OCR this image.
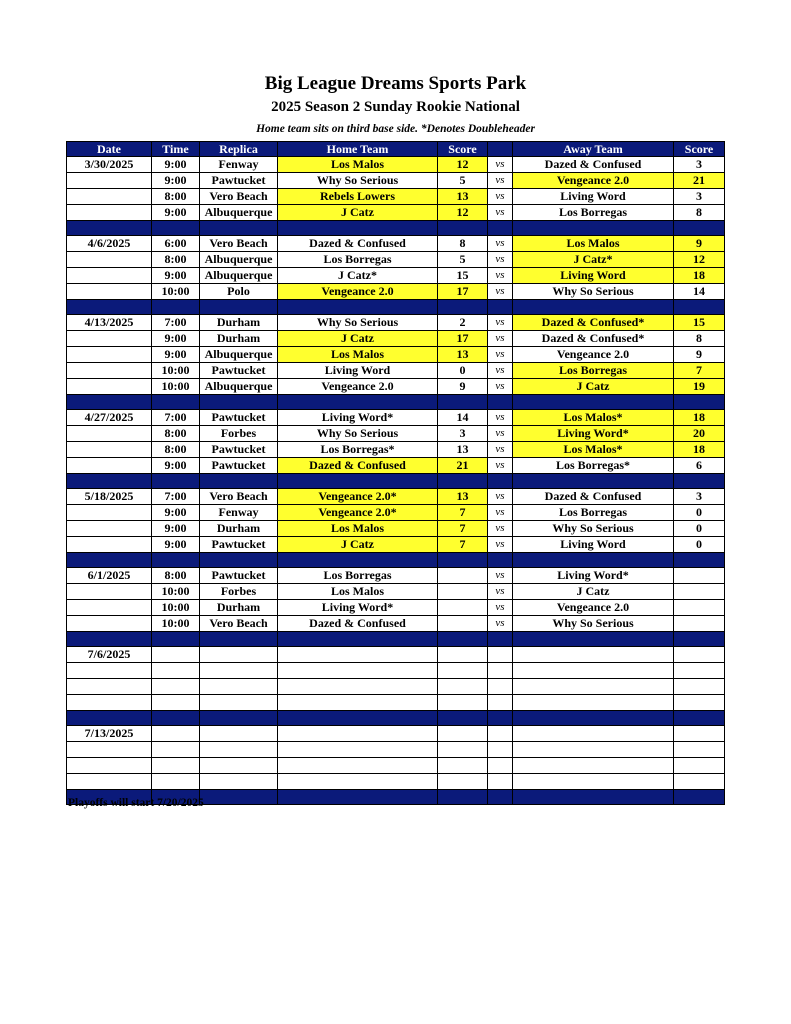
Big League Dreams Sports Park
2025 Season 2 Sunday Rookie National
Home team sits on third base side. *Denotes Doubleheader
Date	Time	Replica	Home Team	Score		Away Team	Score
3/30/2025	9:00	Fenway	Los Malos	12	vs	Dazed & Confused	3
	9:00	Pawtucket	Why So Serious	5	vs	Vengeance 2.0	21
	8:00	Vero Beach	Rebels Lowers	13	vs	Living Word	3
	9:00	Albuquerque	J Catz	12	vs	Los Borregas	8

4/6/2025	6:00	Vero Beach	Dazed & Confused	8	vs	Los Malos	9
	8:00	Albuquerque	Los Borregas	5	vs	J Catz*	12
	9:00	Albuquerque	J Catz*	15	vs	Living Word	18
	10:00	Polo	Vengeance 2.0	17	vs	Why So Serious	14

4/13/2025	7:00	Durham	Why So Serious	2	vs	Dazed & Confused*	15
	9:00	Durham	J Catz	17	vs	Dazed & Confused*	8
	9:00	Albuquerque	Los Malos	13	vs	Vengeance 2.0	9
	10:00	Pawtucket	Living Word	0	vs	Los Borregas	7
	10:00	Albuquerque	Vengeance 2.0	9	vs	J Catz	19

4/27/2025	7:00	Pawtucket	Living Word*	14	vs	Los Malos*	18
	8:00	Forbes	Why So Serious	3	vs	Living Word*	20
	8:00	Pawtucket	Los Borregas*	13	vs	Los Malos*	18
	9:00	Pawtucket	Dazed & Confused	21	vs	Los Borregas*	6

5/18/2025	7:00	Vero Beach	Vengeance 2.0*	13	vs	Dazed & Confused	3
	9:00	Fenway	Vengeance 2.0*	7	vs	Los Borregas	0
	9:00	Durham	Los Malos	7	vs	Why So Serious	0
	9:00	Pawtucket	J Catz	7	vs	Living Word	0

6/1/2025	8:00	Pawtucket	Los Borregas		vs	Living Word*	
	10:00	Forbes	Los Malos		vs	J Catz	
	10:00	Durham	Living Word*		vs	Vengeance 2.0	
	10:00	Vero Beach	Dazed & Confused		vs	Why So Serious	

7/6/2025							

7/13/2025							

Playoffs will start 7/20/2025
